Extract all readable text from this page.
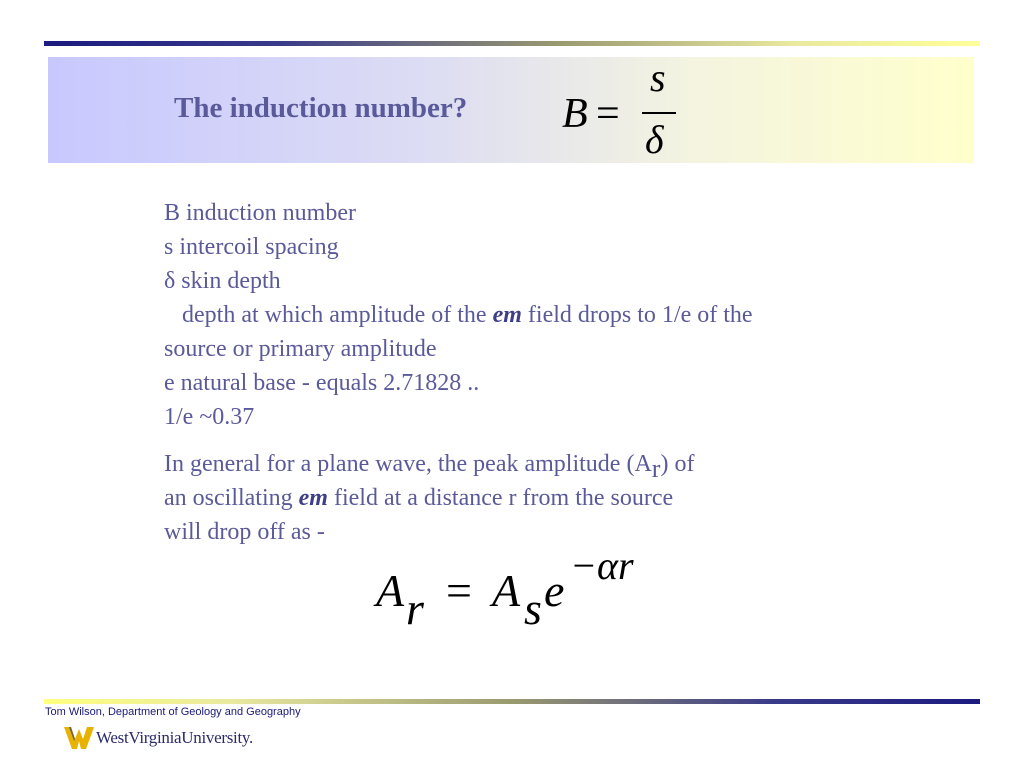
The induction number? B =
s
δ
B induction number
s intercoil spacing
δ skin depth
depth at which amplitude of the em field drops to 1/e of the
source or primary amplitude
e natural base - equals 2.71828 ..
1/e ~0.37
In general for a plane wave, the peak amplitude (Ar) of
an oscillating em field at a distance r from the source
will drop off as -
A r = A s e −αr
Tom Wilson, Department of Geology and Geography
WestVirginiaUniversity.
